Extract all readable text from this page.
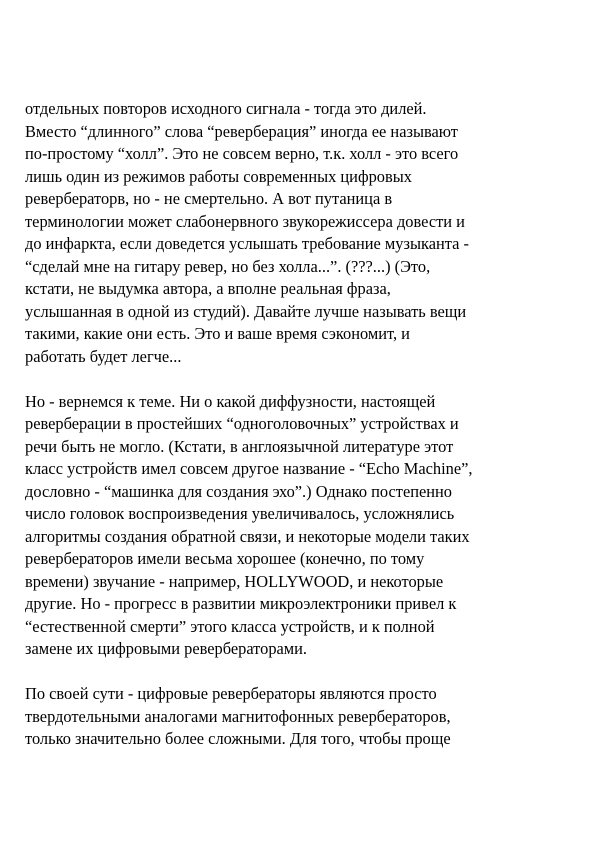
отдельных повторов исходного сигнала - тогда это дилей.
Вместо “длинного” слова “реверберация” иногда ее называют
по-простому “холл”. Это не совсем верно, т.к. холл - это всего
лишь один из режимов работы современных цифровых
ревербераторв, но - не смертельно. А вот путаница в
терминологии может слабонервного звукорежиссера довести и
до инфаркта, если доведется услышать требование музыканта -
“сделай мне на гитару ревер, но без холла...”. (???...) (Это,
кстати, не выдумка автора, а вполне реальная фраза,
услышанная в одной из студий). Давайте лучше называть вещи
такими, какие они есть. Это и ваше время сэкономит, и
работать будет легче...

Но - вернемся к теме. Ни о какой диффузности, настоящей
реверберации в простейших “одноголовочных” устройствах и
речи быть не могло. (Кстати, в англоязычной литературе этот
класс устройств имел совсем другое название - “Echo Machine”,
дословно - “машинка для создания эхо”.) Однако постепенно
число головок воспроизведения увеличивалось, усложнялись
алгоритмы создания обратной связи, и некоторые модели таких
ревербераторов имели весьма хорошее (конечно, по тому
времени) звучание - например, HOLLYWOOD, и некоторые
другие. Но - прогресс в развитии микроэлектроники привел к
“естественной смерти” этого класса устройств, и к полной
замене их цифровыми ревербераторами.

По своей сути - цифровые ревербераторы являются просто
твердотельными аналогами магнитофонных ревербераторов,
только значительно более сложными. Для того, чтобы проще
